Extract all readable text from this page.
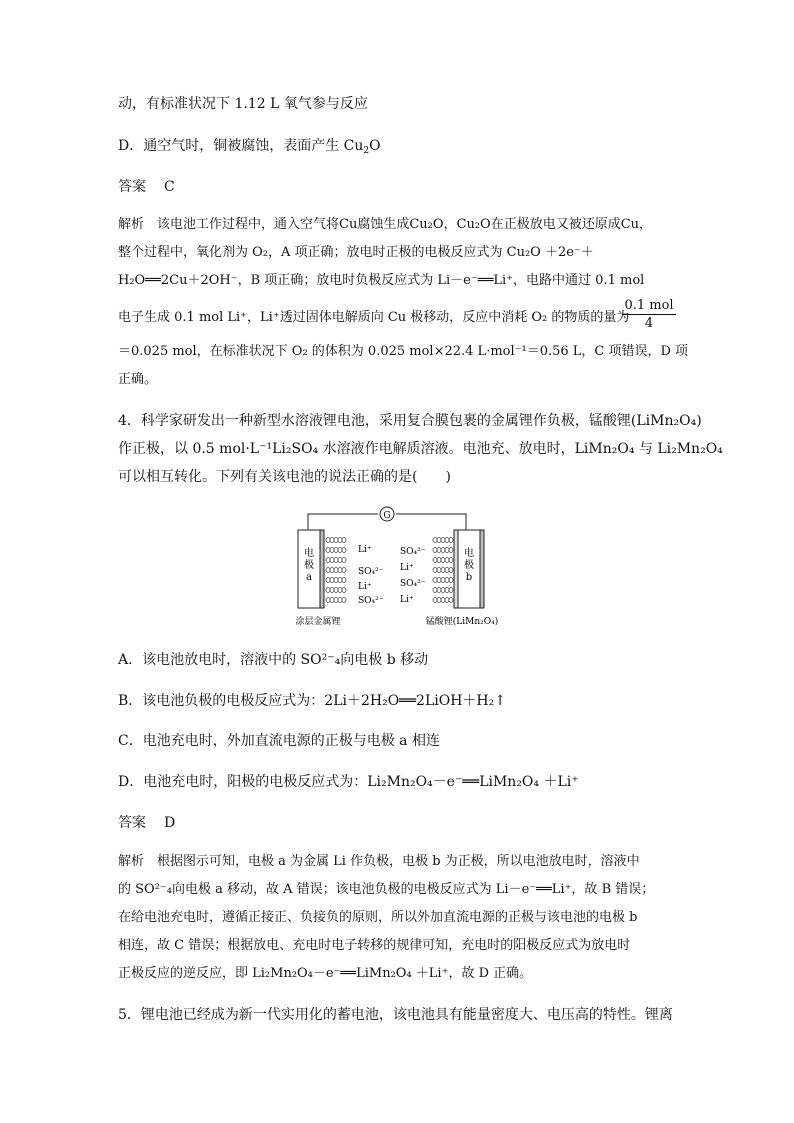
动，有标准状况下 1.12 L 氧气参与反应
D．通空气时，铜被腐蚀，表面产生 $Cu_2O$
答案 C
解析　该电池工作过程中，通入空气将Cu腐蚀生成Cu₂O，Cu₂O在正极放电又被还原成Cu，
整个过程中，氧化剂为 O₂，A 项正确；放电时正极的电极反应式为 Cu₂O ＋2e⁻＋
H₂O══2Cu＋2OH⁻，B 项正确；放电时负极反应式为 Li－e⁻══Li⁺，电路中通过 0.1 mol
电子生成 0.1 mol Li⁺，Li⁺透过固体电解质向 Cu 极移动，反应中消耗 O₂ 的物质的量为
0.1 mol
4
＝0.025 mol，在标准状况下 O₂ 的体积为 0.025 mol×22.4 L·mol⁻¹＝0.56 L，C 项错误，D 项
正确。
4．科学家研发出一种新型水溶液锂电池，采用复合膜包裹的金属锂作负极，锰酸锂(LiMn₂O₄)
作正极，以 0.5 mol·L⁻¹Li₂SO₄ 水溶液作电解质溶液。电池充、放电时，LiMn₂O₄ 与 Li₂Mn₂O₄
可以相互转化。下列有关该电池的说法正确的是(　　)
G
电
极
a
电
极
b
Li⁺
SO₄²⁻
Li⁺
SO₄²⁻
SO₄²⁻
Li⁺
SO₄²⁻
Li⁺
涂层金属锂	锰酸锂(LiMn₂O₄)
A．该电池放电时，溶液中的 SO²⁻₄向电极 b 移动
B．该电池负极的电极反应式为：2Li＋2H₂O══2LiOH＋H₂↑
C．电池充电时，外加直流电源的正极与电极 a 相连
D．电池充电时，阳极的电极反应式为：Li₂Mn₂O₄－e⁻══LiMn₂O₄ ＋Li⁺
答案 D
解析　根据图示可知，电极 a 为金属 Li 作负极，电极 b 为正极，所以电池放电时，溶液中
的 SO²⁻₄向电极 a 移动，故 A 错误；该电池负极的电极反应式为 Li－e⁻══Li⁺，故 B 错误；
在给电池充电时，遵循正接正、负接负的原则，所以外加直流电源的正极与该电池的电极 b
相连，故 C 错误；根据放电、充电时电子转移的规律可知，充电时的阳极反应式为放电时
正极反应的逆反应，即 Li₂Mn₂O₄－e⁻══LiMn₂O₄ ＋Li⁺，故 D 正确。
5．锂电池已经成为新一代实用化的蓄电池，该电池具有能量密度大、电压高的特性。锂离
